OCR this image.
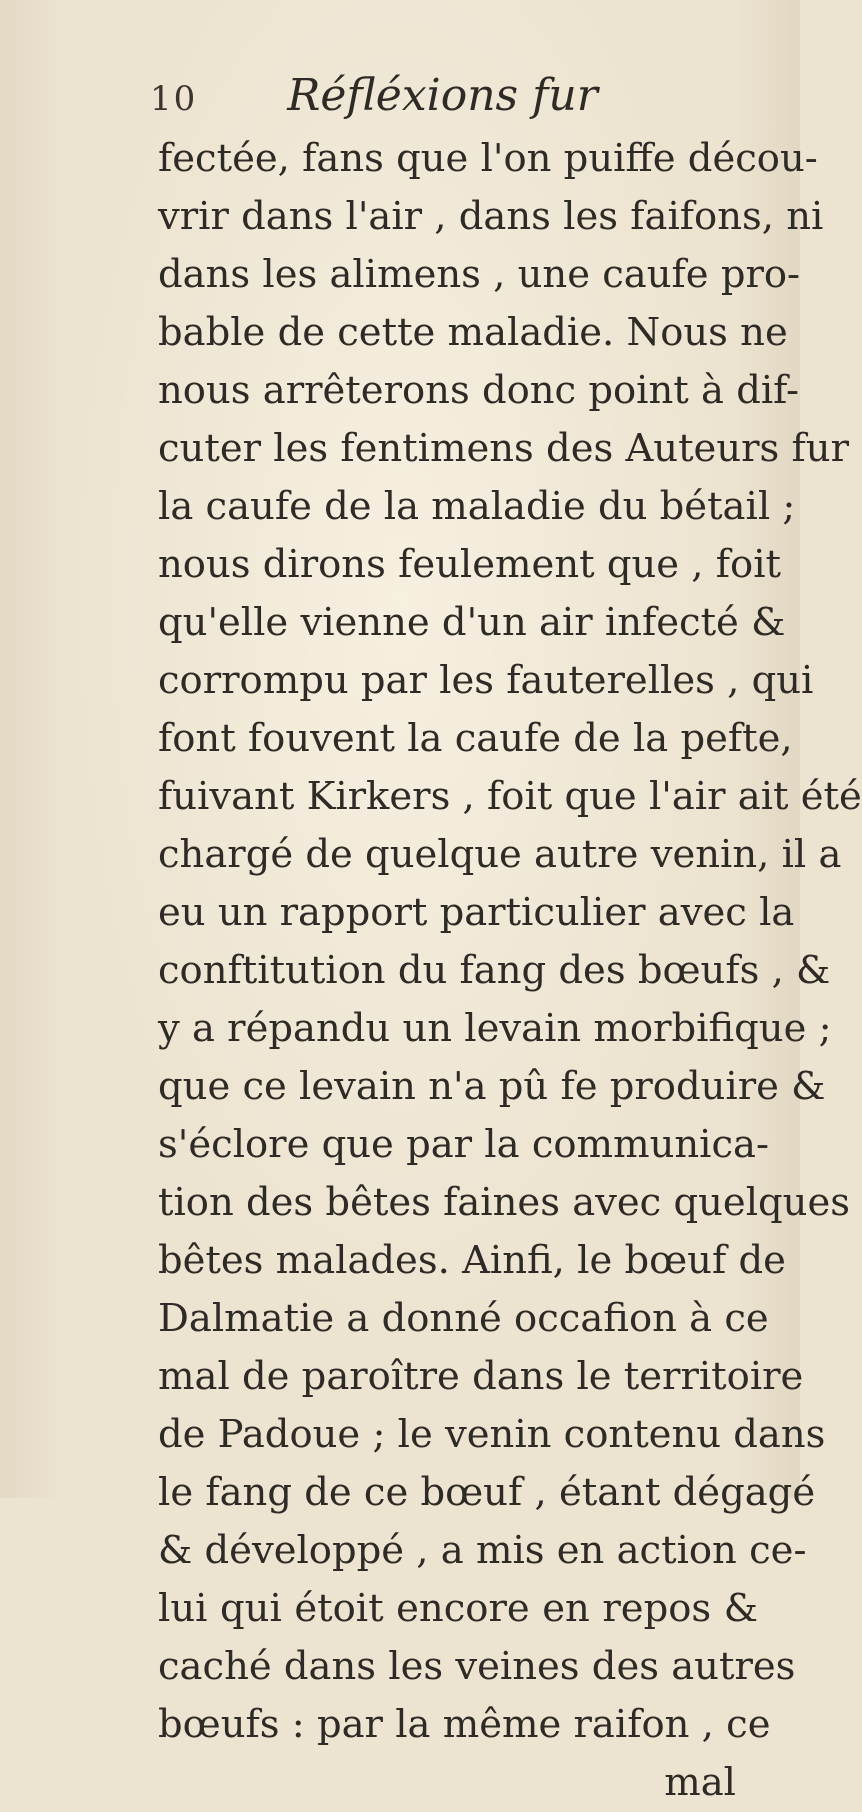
10 Réfléxions fur
fectée, fans que l'on puiffe décou-
vrir dans l'air , dans les faifons, ni
dans les alimens , une caufe pro-
bable de cette maladie. Nous ne
nous arrêterons donc point à dif-
cuter les fentimens des Auteurs fur
la caufe de la maladie du bétail ;
nous dirons feulement que , foit
qu'elle vienne d'un air infecté &
corrompu par les fauterelles , qui
font fouvent la caufe de la pefte,
fuivant Kirkers , foit que l'air ait été
chargé de quelque autre venin, il a
eu un rapport particulier avec la
conftitution du fang des bœufs , &
y a répandu un levain morbifique ;
que ce levain n'a pû fe produire &
s'éclore que par la communica-
tion des bêtes faines avec quelques
bêtes malades. Ainfi, le bœuf de
Dalmatie a donné occafion à ce
mal de paroître dans le territoire
de Padoue ; le venin contenu dans
le fang de ce bœuf , étant dégagé
& développé , a mis en action ce-
lui qui étoit encore en repos &
caché dans les veines des autres
bœufs : par la même raifon , ce
mal
